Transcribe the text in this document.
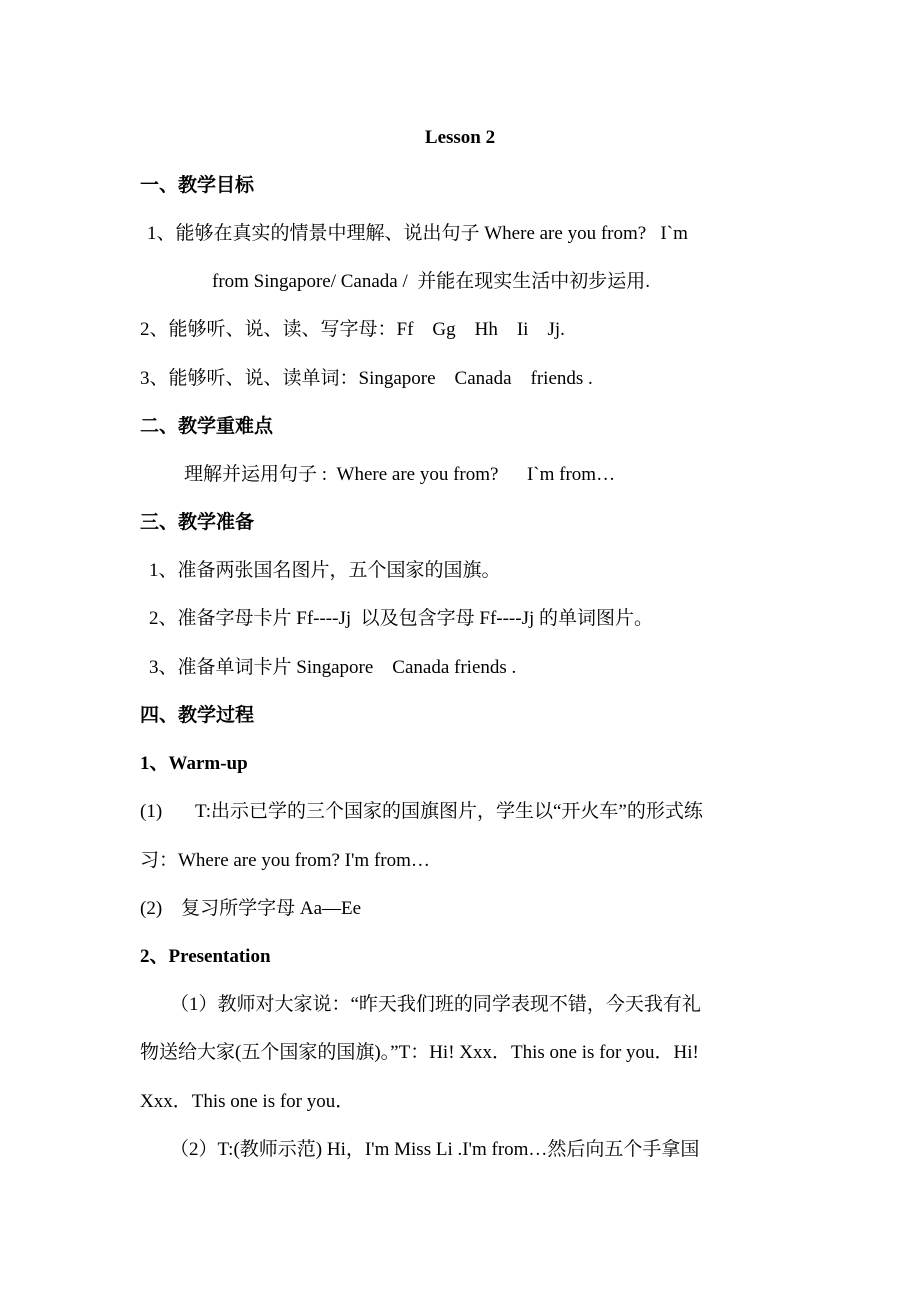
Lesson 2
一、教学目标
1、能够在真实的情景中理解、说出句子 Where are you from?   I`m
from Singapore/ Canada /  并能在现实生活中初步运用.
2、能够听、说、读、写字母：Ff    Gg    Hh    Ii    Jj.
3、能够听、说、读单词：Singapore    Canada    friends .
二、教学重难点
理解并运用句子 :  Where are you from?      I`m from…
三、教学准备
1、准备两张国名图片，五个国家的国旗。
2、准备字母卡片 Ff----Jj  以及包含字母 Ff----Jj 的单词图片。
3、准备单词卡片 Singapore    Canada friends .
四、教学过程
1、Warm-up
(1)       T:出示已学的三个国家的国旗图片，学生以“开火车”的形式练
习：Where are you from? I'm from…
(2)    复习所学字母 Aa—Ee
2、Presentation
（1）教师对大家说：“昨天我们班的同学表现不错，今天我有礼
物送给大家(五个国家的国旗)。”T：Hi! Xxx．This one is for you．Hi!
Xxx．This one is for you．
（2）T:(教师示范) Hi，I'm Miss Li .I'm from…然后向五个手拿国
